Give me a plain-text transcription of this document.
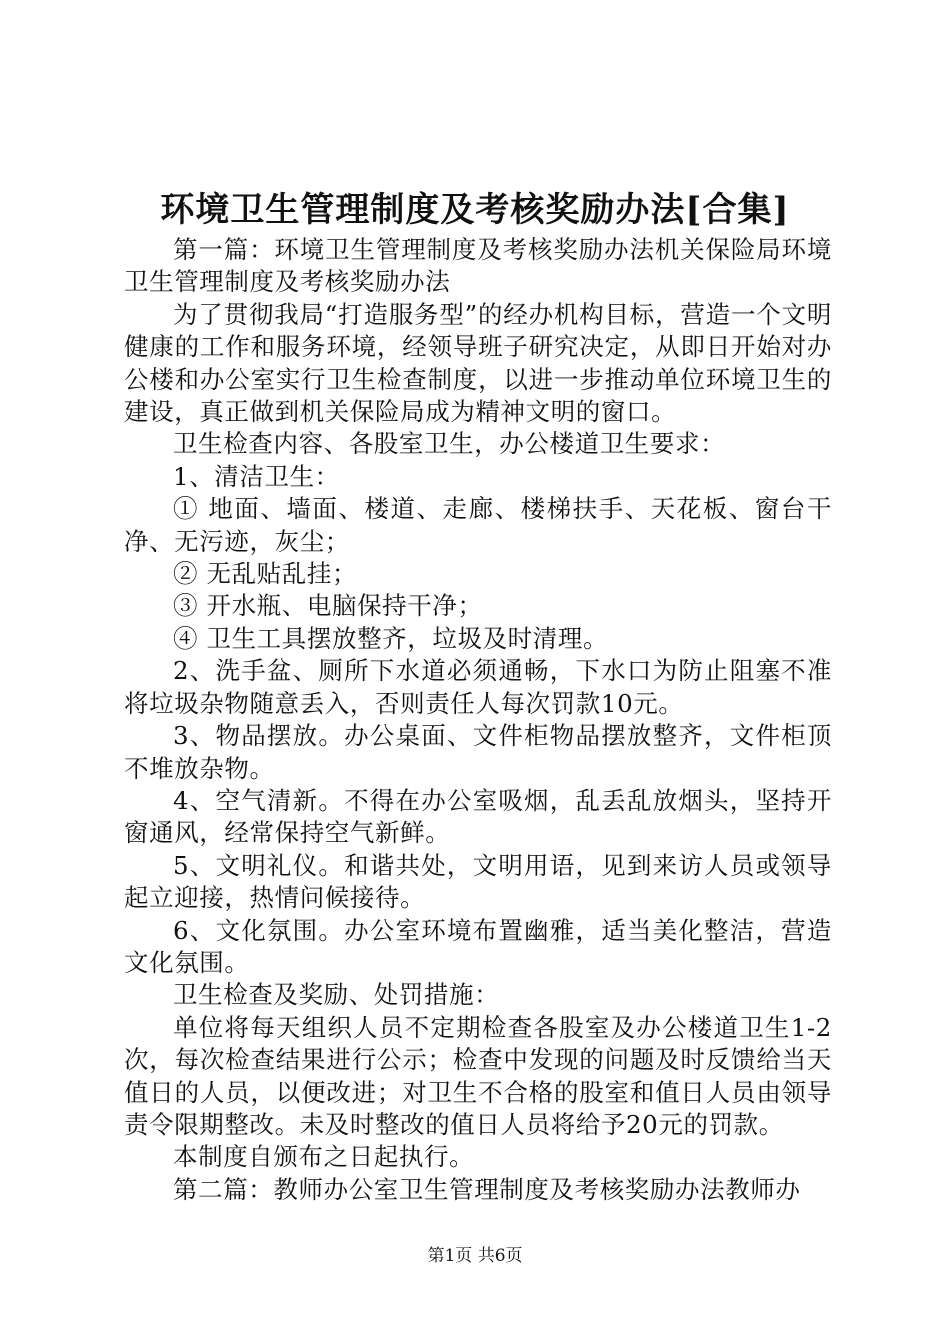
环境卫生管理制度及考核奖励办法[合集]

第一篇：环境卫生管理制度及考核奖励办法机关保险局环境卫生管理制度及考核奖励办法

为了贯彻我局“打造服务型”的经办机构目标，营造一个文明健康的工作和服务环境，经领导班子研究决定，从即日开始对办公楼和办公室实行卫生检查制度，以进一步推动单位环境卫生的建设，真正做到机关保险局成为精神文明的窗口。

卫生检查内容、各股室卫生，办公楼道卫生要求：

1、清洁卫生：

① 地面、墙面、楼道、走廊、楼梯扶手、天花板、窗台干净、无污迹，灰尘；

② 无乱贴乱挂；

③ 开水瓶、电脑保持干净；

④ 卫生工具摆放整齐，垃圾及时清理。

2、洗手盆、厕所下水道必须通畅，下水口为防止阻塞不准将垃圾杂物随意丢入，否则责任人每次罚款10元。

3、物品摆放。办公桌面、文件柜物品摆放整齐，文件柜顶不堆放杂物。

4、空气清新。不得在办公室吸烟，乱丢乱放烟头，坚持开窗通风，经常保持空气新鲜。

5、文明礼仪。和谐共处，文明用语，见到来访人员或领导起立迎接，热情问候接待。

6、文化氛围。办公室环境布置幽雅，适当美化整洁，营造文化氛围。

卫生检查及奖励、处罚措施：

单位将每天组织人员不定期检查各股室及办公楼道卫生1-2次，每次检查结果进行公示；检查中发现的问题及时反馈给当天值日的人员，以便改进；对卫生不合格的股室和值日人员由领导责令限期整改。未及时整改的值日人员将给予20元的罚款。

本制度自颁布之日起执行。

第二篇：教师办公室卫生管理制度及考核奖励办法教师办

第1页 共6页
